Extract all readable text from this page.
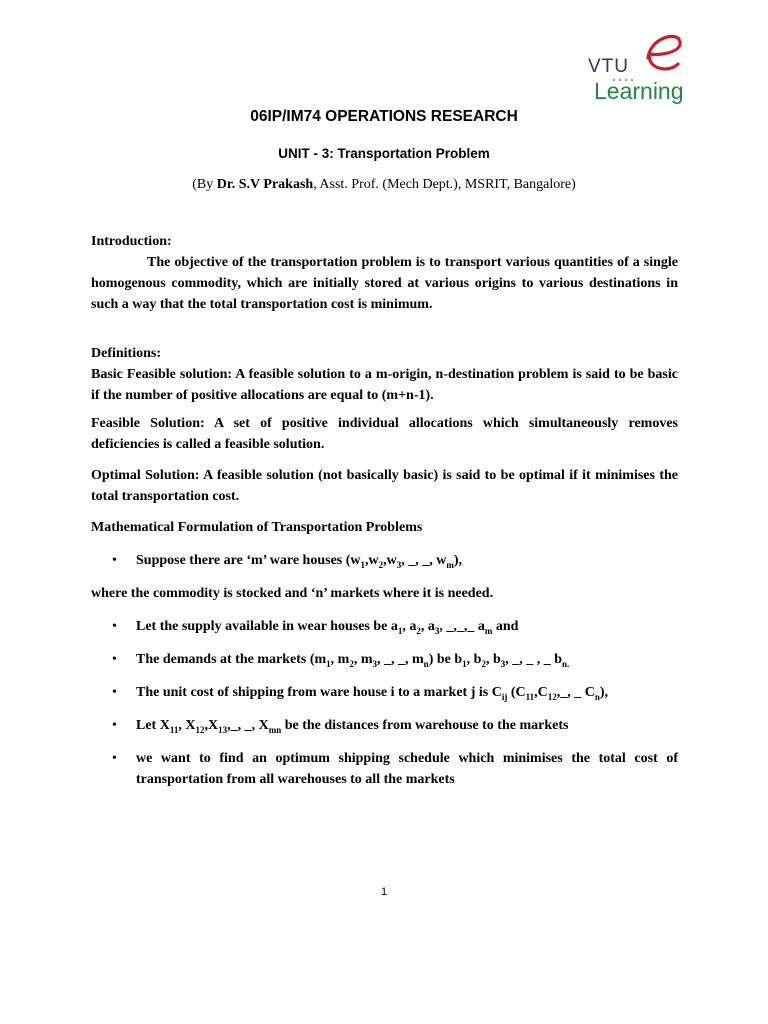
VTU
Learning
06IP/IM74 OPERATIONS RESEARCH
UNIT - 3: Transportation Problem
(By Dr. S.V Prakash, Asst. Prof. (Mech Dept.), MSRIT, Bangalore)

Introduction:

The objective of the transportation problem is to transport various quantities of a single homogenous commodity, which are initially stored at various origins to various destinations in such a way that the total transportation cost is minimum.

Definitions:

Basic Feasible solution: A feasible solution to a m-origin, n-destination problem is said to be basic if the number of positive allocations are equal to (m+n-1).

Feasible Solution: A set of positive individual allocations which simultaneously removes deficiencies is called a feasible solution.

Optimal Solution: A feasible solution (not basically basic) is said to be optimal if it minimises the total transportation cost.

Mathematical Formulation of Transportation Problems

• Suppose there are ‘m’ ware houses ($w_1,w_2,w_3$, _, _, $w_m$),

where the commodity is stocked and ‘n’ markets where it is needed.

• Let the supply available in wear houses be $a_1$, $a_2$, $a_3$, _,_,_ $a_m$ and
• The demands at the markets ($m_1$, $m_2$, $m_3$, _, _, $m_n$) be $b_1$, $b_2$, $b_3$, _, _ , _ $b_{n.}$
• The unit cost of shipping from ware house i to a market j is $C_{ij}$ ($C_{11},C_{12},\_$, _ $C_n$),
• Let $X_{11}$, $X_{12},X_{13},\_$, _, $X_{mn}$ be the distances from warehouse to the markets
• we want to find an optimum shipping schedule which minimises the total cost of transportation from all warehouses to all the markets
1
